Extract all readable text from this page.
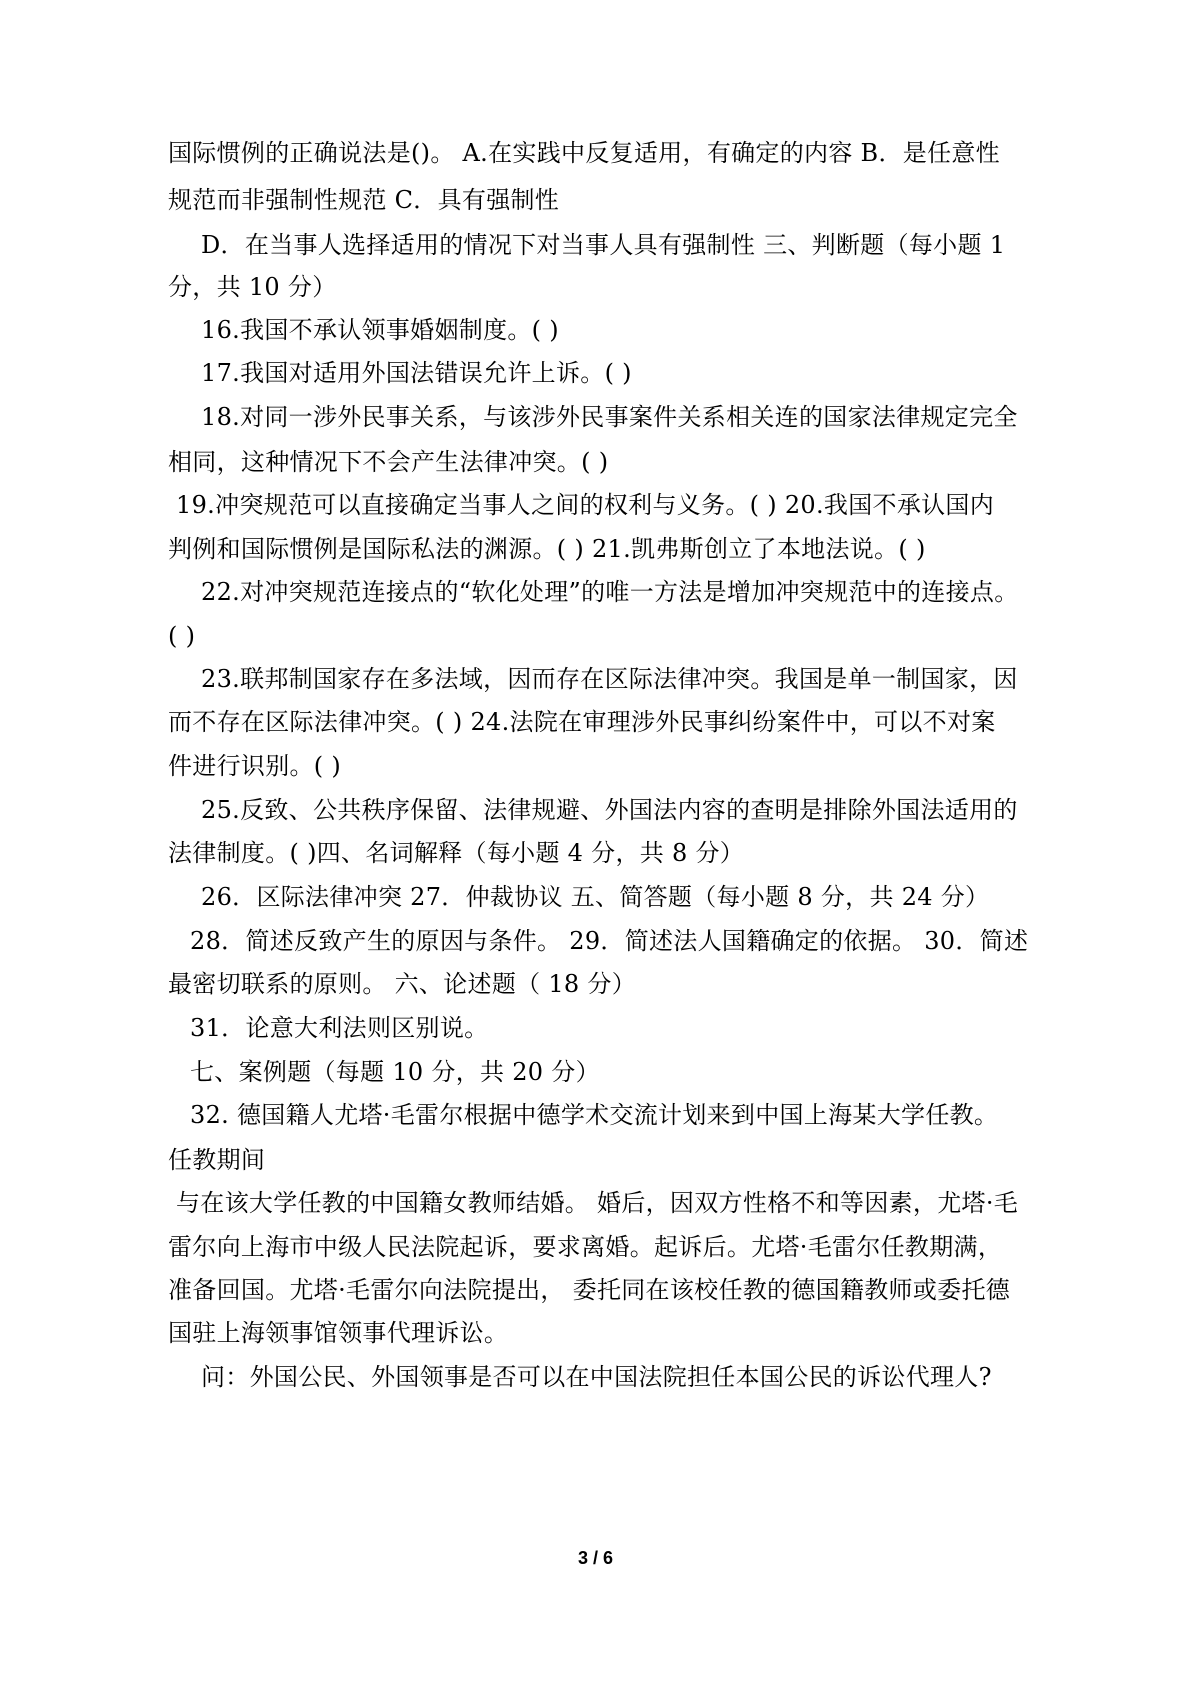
国际惯例的正确说法是()。 A.在实践中反复适用，有确定的内容 B．是任意性
规范而非强制性规范 C．具有强制性
D．在当事人选择适用的情况下对当事人具有强制性 三、判断题（每小题 1
分，共 10 分）
16.我国不承认领事婚姻制度。( )
17.我国对适用外国法错误允许上诉。( )
18.对同一涉外民事关系，与该涉外民事案件关系相关连的国家法律规定完全
相同，这种情况下不会产生法律冲突。( )
19.冲突规范可以直接确定当事人之间的权利与义务。( ) 20.我国不承认国内
判例和国际惯例是国际私法的渊源。( ) 21.凯弗斯创立了本地法说。( )
22.对冲突规范连接点的“软化处理”的唯一方法是增加冲突规范中的连接点。
( )
23.联邦制国家存在多法域，因而存在区际法律冲突。我国是单一制国家，因
而不存在区际法律冲突。( ) 24.法院在审理涉外民事纠纷案件中，可以不对案
件进行识别。( )
25.反致、公共秩序保留、法律规避、外国法内容的查明是排除外国法适用的
法律制度。( )四、名词解释（每小题 4 分，共 8 分）
26．区际法律冲突 27．仲裁协议 五、简答题（每小题 8 分，共 24 分）
28．简述反致产生的原因与条件。 29．简述法人国籍确定的依据。 30．简述
最密切联系的原则。 六、论述题（ 18 分）
31．论意大利法则区别说。
七、案例题（每题 10 分，共 20 分）
32. 德国籍人尤塔·毛雷尔根据中德学术交流计划来到中国上海某大学任教。
任教期间
与在该大学任教的中国籍女教师结婚。 婚后，因双方性格不和等因素，尤塔·毛
雷尔向上海市中级人民法院起诉，要求离婚。起诉后。尤塔·毛雷尔任教期满，
准备回国。尤塔·毛雷尔向法院提出， 委托同在该校任教的德国籍教师或委托德
国驻上海领事馆领事代理诉讼。
问：外国公民、外国领事是否可以在中国法院担任本国公民的诉讼代理人?
3 / 6
